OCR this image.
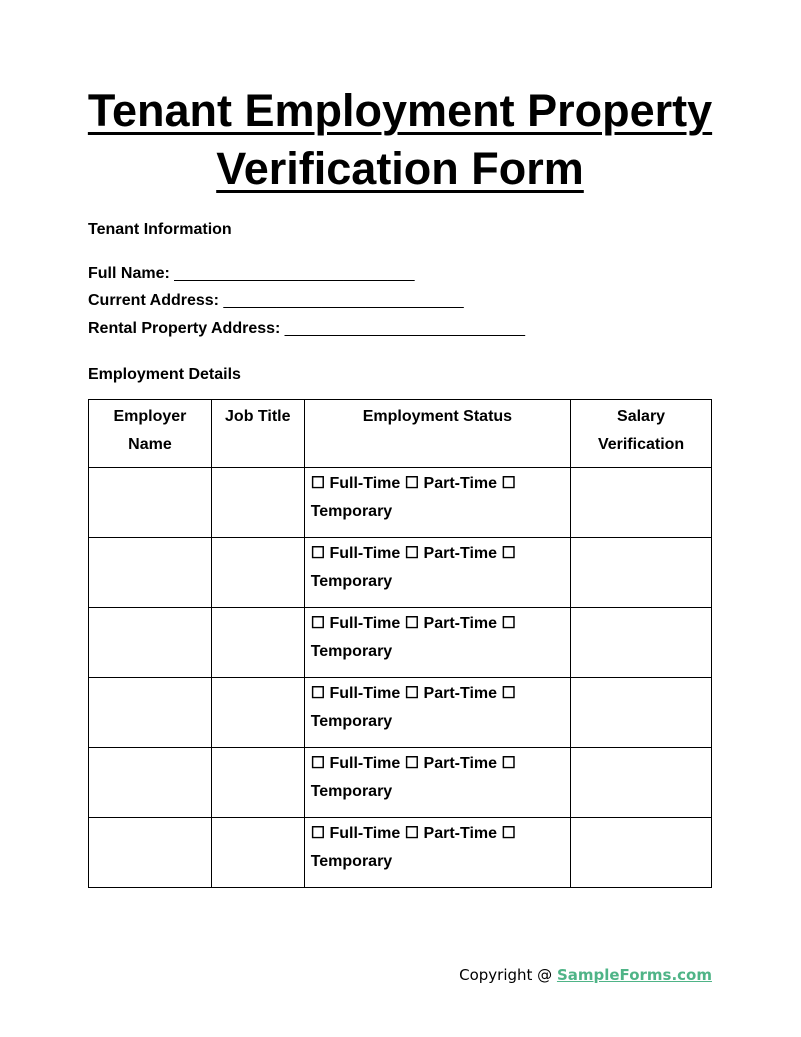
Tenant Employment Property
Verification Form
Tenant Information
Full Name: ___________________________
Current Address: ___________________________
Rental Property Address: ___________________________
Employment Details
Employer Name	Job Title	Employment Status	Salary Verification
		☐ Full-Time ☐ Part-Time ☐ Temporary	
		☐ Full-Time ☐ Part-Time ☐ Temporary	
		☐ Full-Time ☐ Part-Time ☐ Temporary	
		☐ Full-Time ☐ Part-Time ☐ Temporary	
		☐ Full-Time ☐ Part-Time ☐ Temporary	
		☐ Full-Time ☐ Part-Time ☐ Temporary	
Copyright @ SampleForms.com
